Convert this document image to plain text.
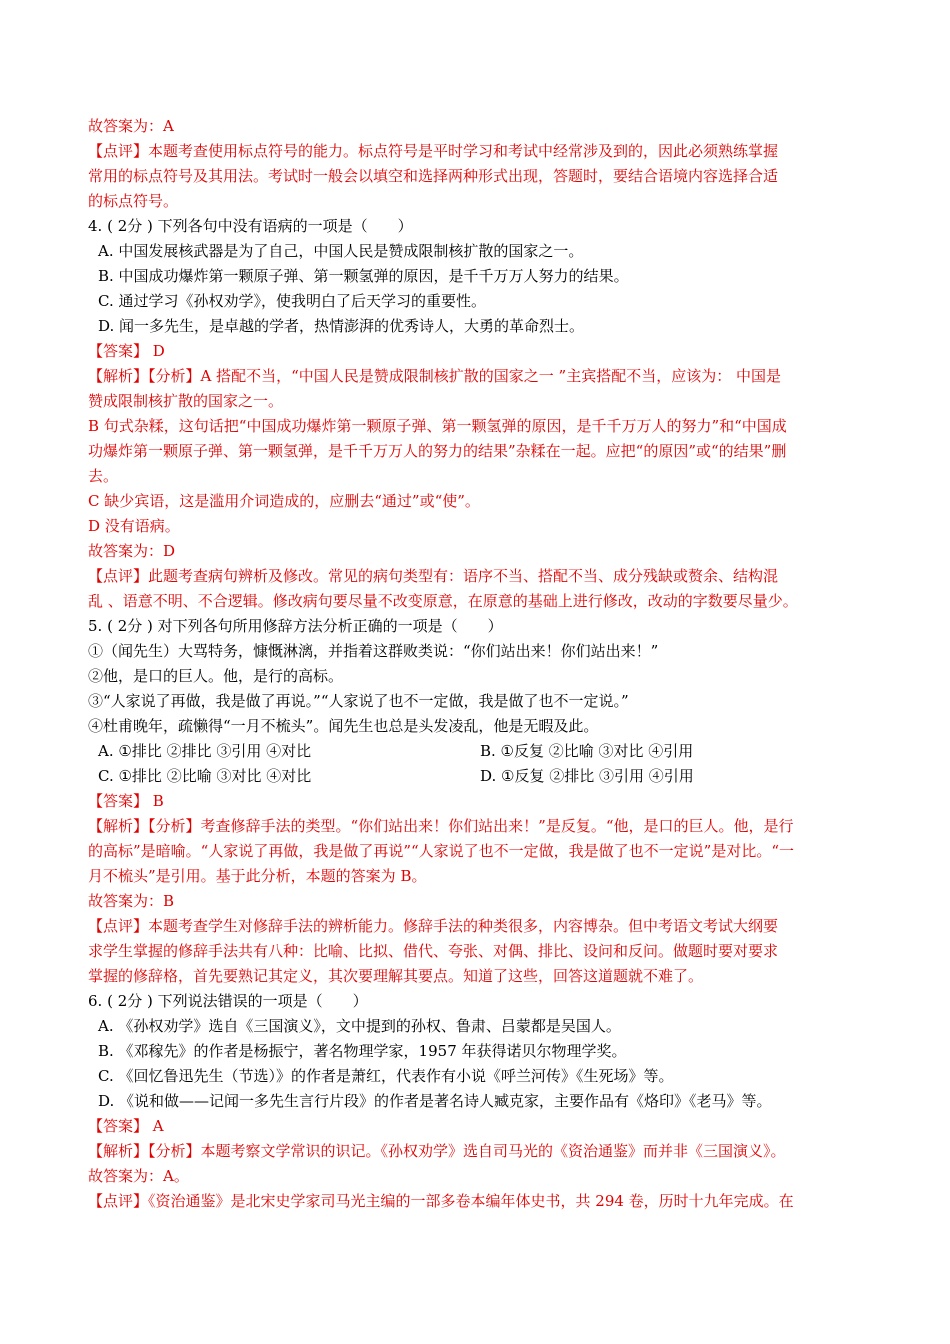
故答案为：A
【点评】本题考查使用标点符号的能力。标点符号是平时学习和考试中经常涉及到的，因此必须熟练掌握
常用的标点符号及其用法。考试时一般会以填空和选择两种形式出现，答题时，要结合语境内容选择合适
的标点符号。
4. ( 2分 ) 下列各句中没有语病的一项是（　　）
A. 中国发展核武器是为了自己，中国人民是赞成限制核扩散的国家之一。
B. 中国成功爆炸第一颗原子弹、第一颗氢弹的原因，是千千万万人努力的结果。
C. 通过学习《孙权劝学》，使我明白了后天学习的重要性。
D. 闻一多先生，是卓越的学者，热情澎湃的优秀诗人，大勇的革命烈士。
【答案】 D
【解析】【分析】A 搭配不当，“中国人民是赞成限制核扩散的国家之一 ”主宾搭配不当，应该为： 中国是
赞成限制核扩散的国家之一。
B 句式杂糅，这句话把“中国成功爆炸第一颗原子弹、第一颗氢弹的原因，是千千万万人的努力”和“中国成
功爆炸第一颗原子弹、第一颗氢弹，是千千万万人的努力的结果”杂糅在一起。应把“的原因”或“的结果”删
去。
C 缺少宾语，这是滥用介词造成的，应删去“通过”或“使”。
D 没有语病。
故答案为：D
【点评】此题考查病句辨析及修改。常见的病句类型有：语序不当、搭配不当、成分残缺或赘余、结构混
乱 、语意不明、不合逻辑。修改病句要尽量不改变原意，在原意的基础上进行修改，改动的字数要尽量少。
5. ( 2分 ) 对下列各句所用修辞方法分析正确的一项是（　　）
①（闻先生）大骂特务，慷慨淋漓，并指着这群败类说：“你们站出来！你们站出来！”
②他，是口的巨人。他，是行的高标。
③“人家说了再做，我是做了再说。”“人家说了也不一定做，我是做了也不一定说。”
④杜甫晚年，疏懒得“一月不梳头”。闻先生也总是头发凌乱，他是无暇及此。
A. ①排比 ②排比 ③引用 ④对比	B. ①反复 ②比喻 ③对比 ④引用
C. ①排比 ②比喻 ③对比 ④对比	D. ①反复 ②排比 ③引用 ④引用
【答案】 B
【解析】【分析】考查修辞手法的类型。“你们站出来！你们站出来！”是反复。“他，是口的巨人。他，是行
的高标”是暗喻。“人家说了再做，我是做了再说”“人家说了也不一定做，我是做了也不一定说”是对比。“一
月不梳头”是引用。基于此分析，本题的答案为 B。
故答案为：B
【点评】本题考查学生对修辞手法的辨析能力。修辞手法的种类很多，内容博杂。但中考语文考试大纲要
求学生掌握的修辞手法共有八种：比喻、比拟、借代、夸张、对偶、排比、设问和反问。做题时要对要求
掌握的修辞格，首先要熟记其定义，其次要理解其要点。知道了这些，回答这道题就不难了。
6. ( 2分 ) 下列说法错误的一项是（　　）
A. 《孙权劝学》选自《三国演义》，文中提到的孙权、鲁肃、吕蒙都是吴国人。
B. 《邓稼先》的作者是杨振宁，著名物理学家，1957 年获得诺贝尔物理学奖。
C. 《回忆鲁迅先生（节选）》的作者是萧红，代表作有小说《呼兰河传》《生死场》等。
D. 《说和做——记闻一多先生言行片段》的作者是著名诗人臧克家，主要作品有《烙印》《老马》等。
【答案】 A
【解析】【分析】本题考察文学常识的识记。《孙权劝学》选自司马光的《资治通鉴》而并非《三国演义》。
故答案为：A。
【点评】《资治通鉴》是北宋史学家司马光主编的一部多卷本编年体史书，共 294 卷，历时十九年完成。在
